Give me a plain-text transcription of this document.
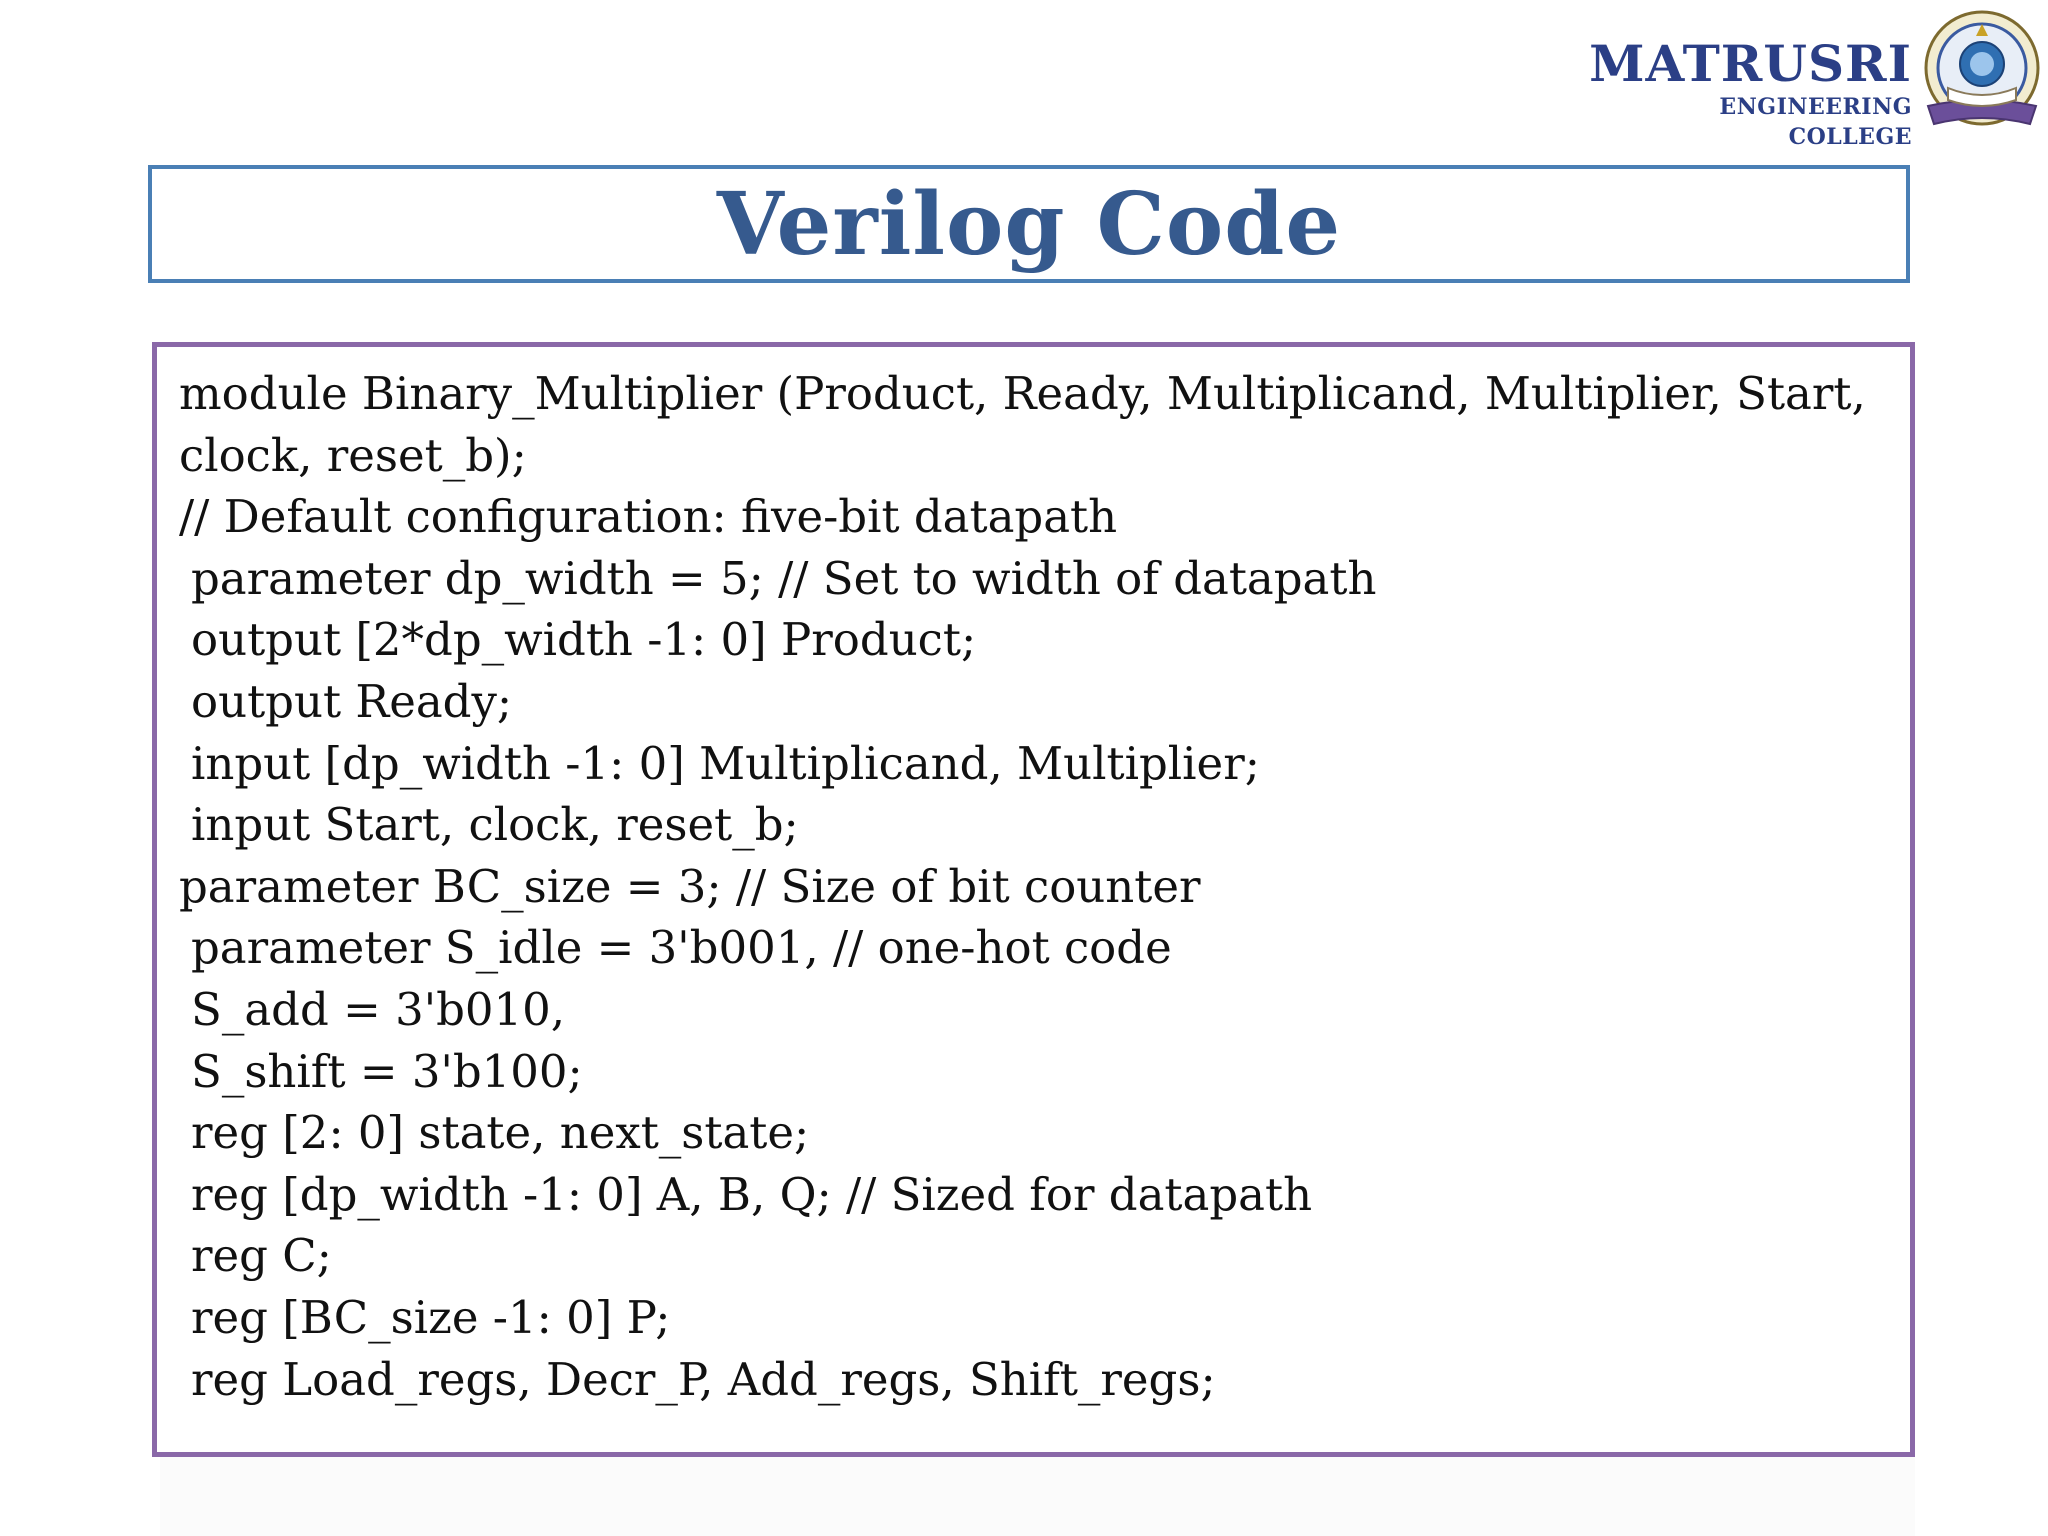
MATRUSRI
ENGINEERING COLLEGE
Verilog Code
module Binary_Multiplier (Product, Ready, Multiplicand, Multiplier, Start,
clock, reset_b);
// Default configuration: five-bit datapath
parameter dp_width = 5; // Set to width of datapath
output [2*dp_width -1: 0] Product;
output Ready;
input [dp_width -1: 0] Multiplicand, Multiplier;
input Start, clock, reset_b;
parameter BC_size = 3; // Size of bit counter
parameter S_idle = 3'b001, // one-hot code
S_add = 3'b010,
S_shift = 3'b100;
reg [2: 0] state, next_state;
reg [dp_width -1: 0] A, B, Q; // Sized for datapath
reg C;
reg [BC_size -1: 0] P;
reg Load_regs, Decr_P, Add_regs, Shift_regs;
